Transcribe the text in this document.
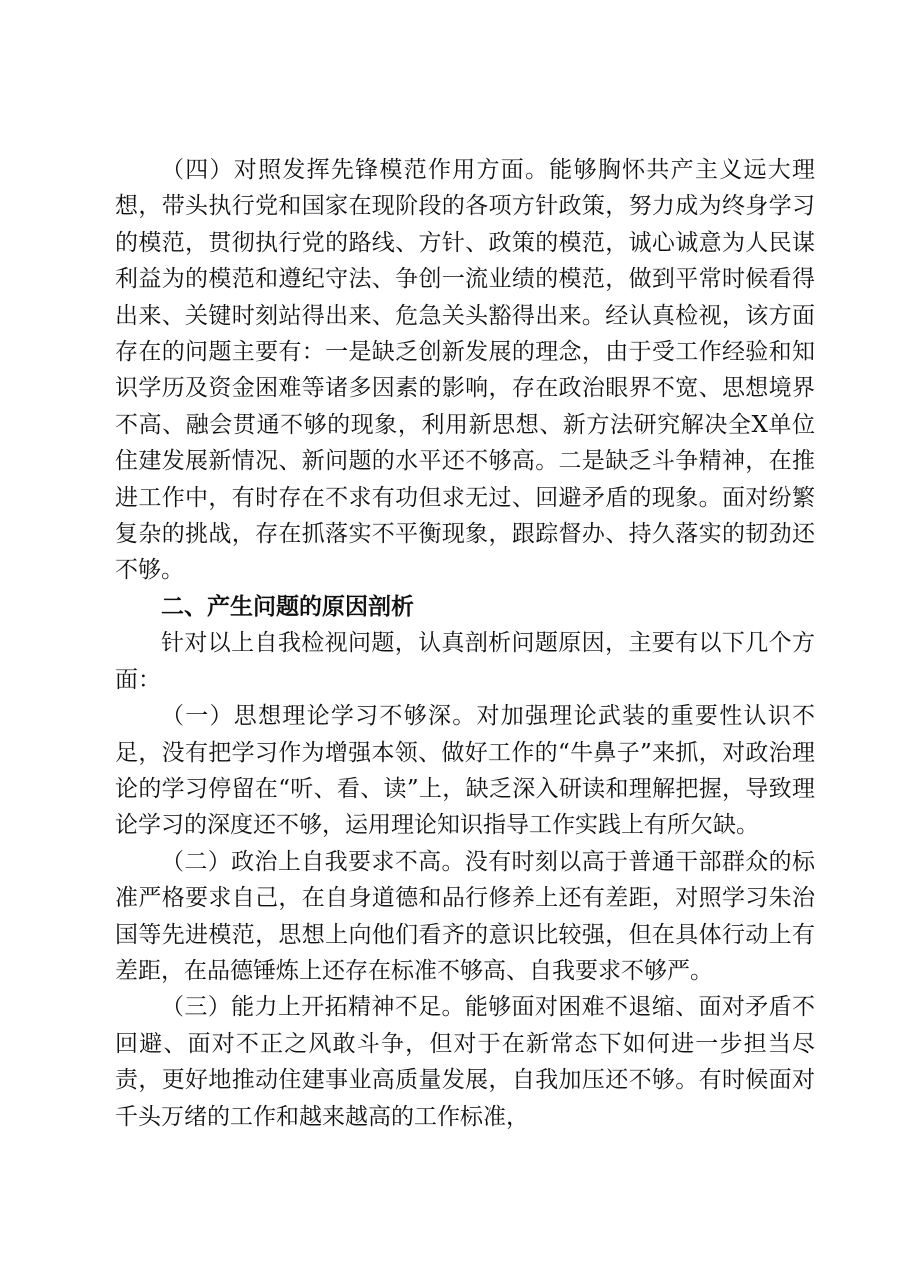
（四）对照发挥先锋模范作用方面。能够胸怀共产主义远大理想，带头执行党和国家在现阶段的各项方针政策，努力成为终身学习的模范，贯彻执行党的路线、方针、政策的模范，诚心诚意为人民谋利益为的模范和遵纪守法、争创一流业绩的模范，做到平常时候看得出来、关键时刻站得出来、危急关头豁得出来。经认真检视，该方面存在的问题主要有：一是缺乏创新发展的理念，由于受工作经验和知识学历及资金困难等诸多因素的影响，存在政治眼界不宽、思想境界不高、融会贯通不够的现象，利用新思想、新方法研究解决全X单位住建发展新情况、新问题的水平还不够高。二是缺乏斗争精神，在推进工作中，有时存在不求有功但求无过、回避矛盾的现象。面对纷繁复杂的挑战，存在抓落实不平衡现象，跟踪督办、持久落实的韧劲还不够。

二、产生问题的原因剖析

针对以上自我检视问题，认真剖析问题原因，主要有以下几个方面：

（一）思想理论学习不够深。对加强理论武装的重要性认识不足，没有把学习作为增强本领、做好工作的“牛鼻子”来抓，对政治理论的学习停留在“听、看、读”上，缺乏深入研读和理解把握，导致理论学习的深度还不够，运用理论知识指导工作实践上有所欠缺。

（二）政治上自我要求不高。没有时刻以高于普通干部群众的标准严格要求自己，在自身道德和品行修养上还有差距，对照学习朱治国等先进模范，思想上向他们看齐的意识比较强，但在具体行动上有差距，在品德锤炼上还存在标准不够高、自我要求不够严。

（三）能力上开拓精神不足。能够面对困难不退缩、面对矛盾不回避、面对不正之风敢斗争，但对于在新常态下如何进一步担当尽责，更好地推动住建事业高质量发展，自我加压还不够。有时候面对千头万绪的工作和越来越高的工作标准，
